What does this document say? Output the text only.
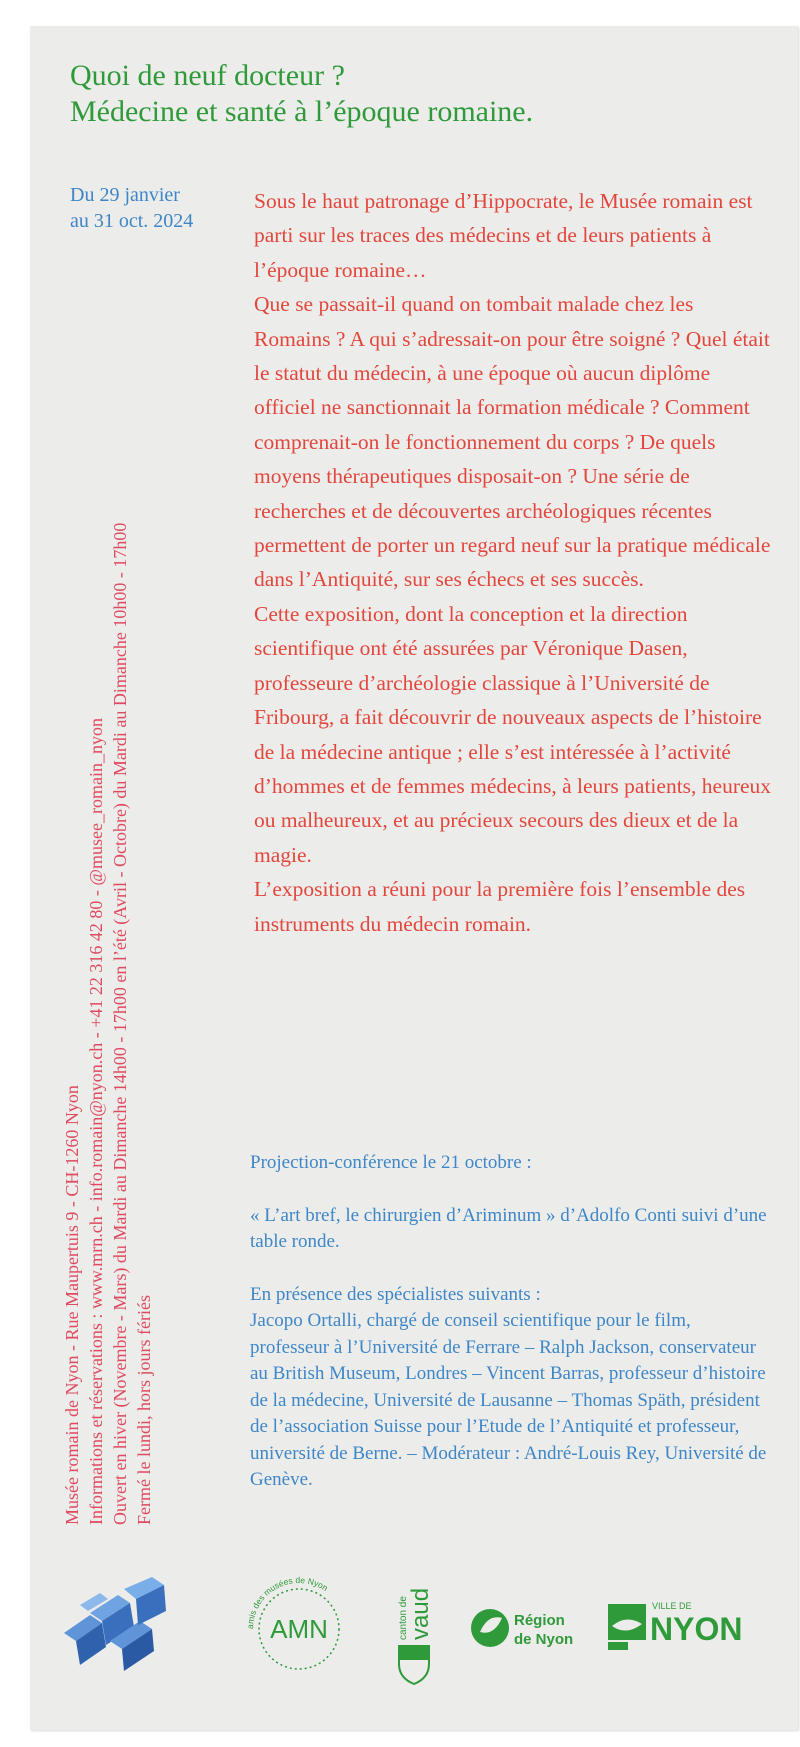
Quoi de neuf docteur ?
Médecine et santé à l’époque romaine.
Du 29 janvier
au 31 oct. 2024

Sous le haut patronage d’Hippocrate, le Musée romain est parti sur les traces des médecins et de leurs patients à l’époque romaine…

Que se passait-il quand on tombait malade chez les Romains ? A qui s’adressait-on pour être soigné ? Quel était le statut du médecin, à une époque où aucun diplôme officiel ne sanctionnait la formation médicale ? Comment comprenait-on le fonctionnement du corps ? De quels moyens thérapeutiques disposait-on ? Une série de recherches et de découvertes archéologiques récentes permettent de porter un regard neuf sur la pratique médicale dans l’Antiquité, sur ses échecs et ses succès.

Cette exposition, dont la conception et la direction scientifique ont été assurées par Véronique Dasen, professeure d’archéologie classique à l’Université de Fribourg, a fait découvrir de nouveaux aspects de l’histoire de la médecine antique ; elle s’est intéressée à l’activité d’hommes et de femmes médecins, à leurs patients, heureux ou malheureux, et au précieux secours des dieux et de la magie.

L’exposition a réuni pour la première fois l’ensemble des instruments du médecin romain.

Musée romain de Nyon - Rue Maupertuis 9 - CH-1260 Nyon Informations et réservations : www.mrn.ch - info.romain@nyon.ch - +41 22 316 42 80 - @musee_romain_nyon Ouvert en hiver (Novembre - Mars) du Mardi au Dimanche 14h00 - 17h00 en l’été (Avril - Octobre) du Mardi au Dimanche 10h00 - 17h00 Fermé le lundi, hors jours fériés

Projection-conférence le 21 octobre :

« L’art bref, le chirurgien d’Ariminum » d’Adolfo Conti suivi d’une table ronde.

En présence des spécialistes suivants :
Jacopo Ortalli, chargé de conseil scientifique pour le film, professeur à l’Université de Ferrare – Ralph Jackson, conservateur au British Museum, Londres – Vincent Barras, professeur d’histoire de la médecine, Université de Lausanne – Thomas Späth, président de l’association Suisse pour l’Etude de l’Antiquité et professeur, université de Berne. – Modérateur : André-Louis Rey, Université de Genève.

amis des musées de Nyon
AMN	canton de
vaud	Région
de Nyon
VILLE DE
NYON
